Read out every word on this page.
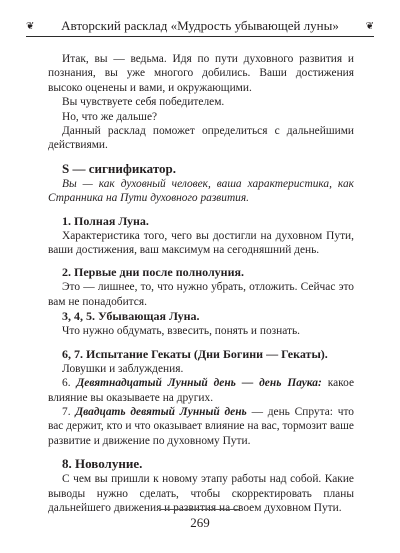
❦ Авторский расклад «Мудрость убывающей луны»	❦

Итак, вы — ведьма. Идя по пути духовного развития и познания, вы уже многого добились. Ваши достижения высоко оценены и вами, и окружающими.

Вы чувствуете себя победителем.

Но, что же дальше?

Данный расклад поможет определиться с дальнейшими действиями.

S — сигнификатор.

Вы — как духовный человек, ваша характеристика, как Странника на Пути духовного развития.

1. Полная Луна.

Характеристика того, чего вы достигли на духовном Пути, ваши достижения, ваш максимум на сегодняшний день.

2. Первые дни после полнолуния.

Это — лишнее, то, что нужно убрать, отложить. Сейчас это вам не понадобится.

3, 4, 5. Убывающая Луна.

Что нужно обдумать, взвесить, понять и познать.

6, 7. Испытание Гекаты (Дни Богини — Гекаты).

Ловушки и заблуждения.

6. Девятнадцатый Лунный день — день Паука: какое влияние вы оказываете на других.

7. Двадцать девятый Лунный день — день Спрута: что вас держит, кто и что оказывает влияние на вас, тормозит ваше развитие и движение по духовному Пути.

8. Новолуние.

С чем вы пришли к новому этапу работы над собой. Какие выводы нужно сделать, чтобы скорректировать планы дальнейшего движения и развития на своем духовном Пути.

269
